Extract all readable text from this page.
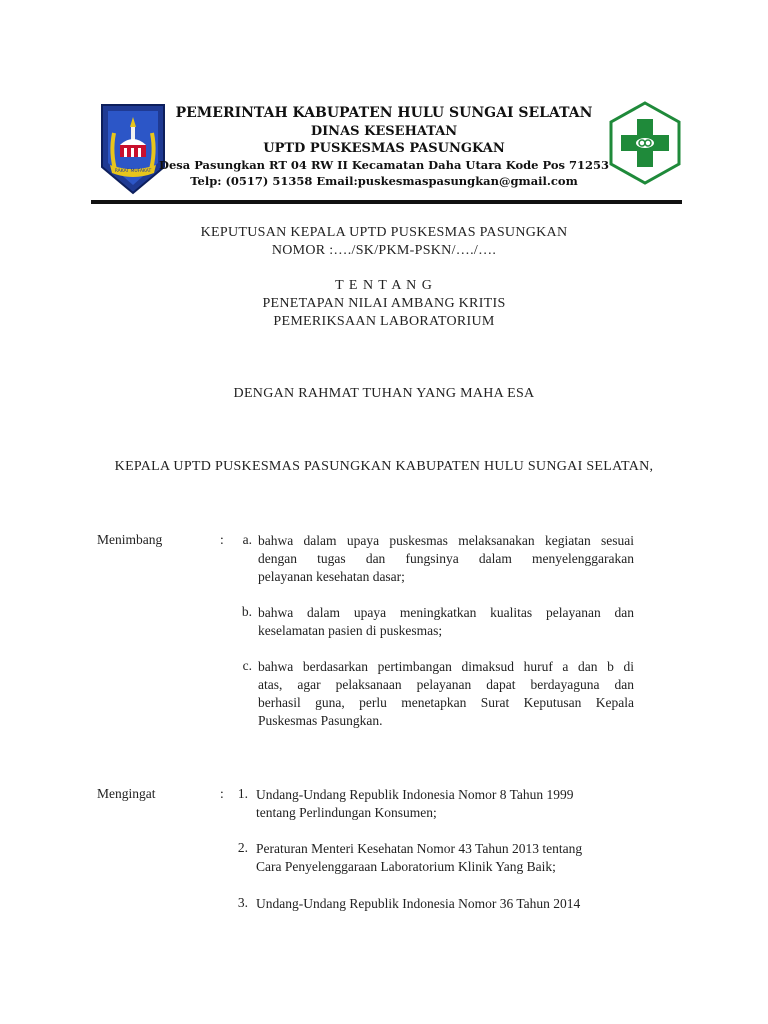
RAKAT MUFAKAT
PEMERINTAH KABUPATEN HULU SUNGAI SELATAN
DINAS KESEHATAN
UPTD PUSKESMAS PASUNGKAN
Desa Pasungkan RT 04 RW II Kecamatan Daha Utara Kode Pos 71253
Telp: (0517) 51358 Email:puskesmaspasungkan@gmail.com
KEPUTUSAN KEPALA UPTD PUSKESMAS PASUNGKAN
NOMOR :…./SK/PKM-PSKN/…./….
T E N T A N G
PENETAPAN NILAI AMBANG KRITIS
PEMERIKSAAN LABORATORIUM
DENGAN RAHMAT TUHAN YANG MAHA ESA
KEPALA UPTD PUSKESMAS PASUNGKAN KABUPATEN HULU SUNGAI SELATAN,
Menimbang	:	a. bahwa dalam upaya puskesmas melaksanakan kegiatan sesuai
dengan tugas dan fungsinya dalam menyelenggarakan
pelayanan kesehatan dasar;
b. bahwa dalam upaya meningkatkan kualitas pelayanan dan
keselamatan pasien di puskesmas;
c. bahwa berdasarkan pertimbangan dimaksud huruf a dan b di
atas, agar pelaksanaan pelayanan dapat berdayaguna dan
berhasil guna, perlu menetapkan Surat Keputusan Kepala
Puskesmas Pasungkan.
Mengingat	:	1. Undang-Undang Republik Indonesia Nomor 8 Tahun 1999
tentang Perlindungan Konsumen;
2. Peraturan Menteri Kesehatan Nomor 43 Tahun 2013 tentang
Cara Penyelenggaraan Laboratorium Klinik Yang Baik;
3. Undang-Undang Republik Indonesia Nomor 36 Tahun 2014
